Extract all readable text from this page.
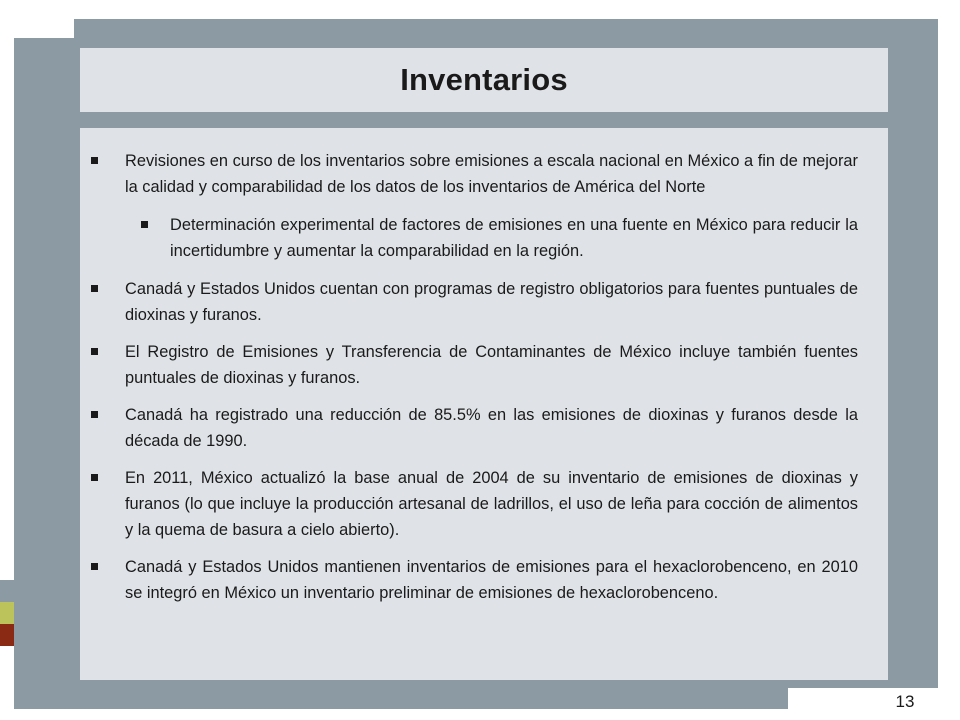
Inventarios
Revisiones en curso de los inventarios sobre emisiones a escala nacional en México a fin de mejorar la calidad y comparabilidad de los datos de los inventarios de América del Norte
Determinación experimental de factores de emisiones en una fuente en México para reducir la incertidumbre y aumentar la comparabilidad en la región.
Canadá y Estados Unidos cuentan con programas de registro obligatorios para fuentes puntuales de dioxinas y furanos.
El Registro de Emisiones y Transferencia de Contaminantes de México incluye también fuentes puntuales de dioxinas y furanos.
Canadá ha registrado una reducción de 85.5% en las emisiones de dioxinas y furanos desde la década de 1990.
En 2011, México actualizó la base anual de 2004 de su inventario de emisiones de dioxinas y furanos (lo que incluye la producción artesanal de ladrillos, el uso de leña para cocción de alimentos y la quema de basura a cielo abierto).
Canadá y Estados Unidos mantienen inventarios de emisiones para el hexaclorobenceno, en 2010 se integró en México un inventario preliminar de emisiones de hexaclorobenceno.
13
